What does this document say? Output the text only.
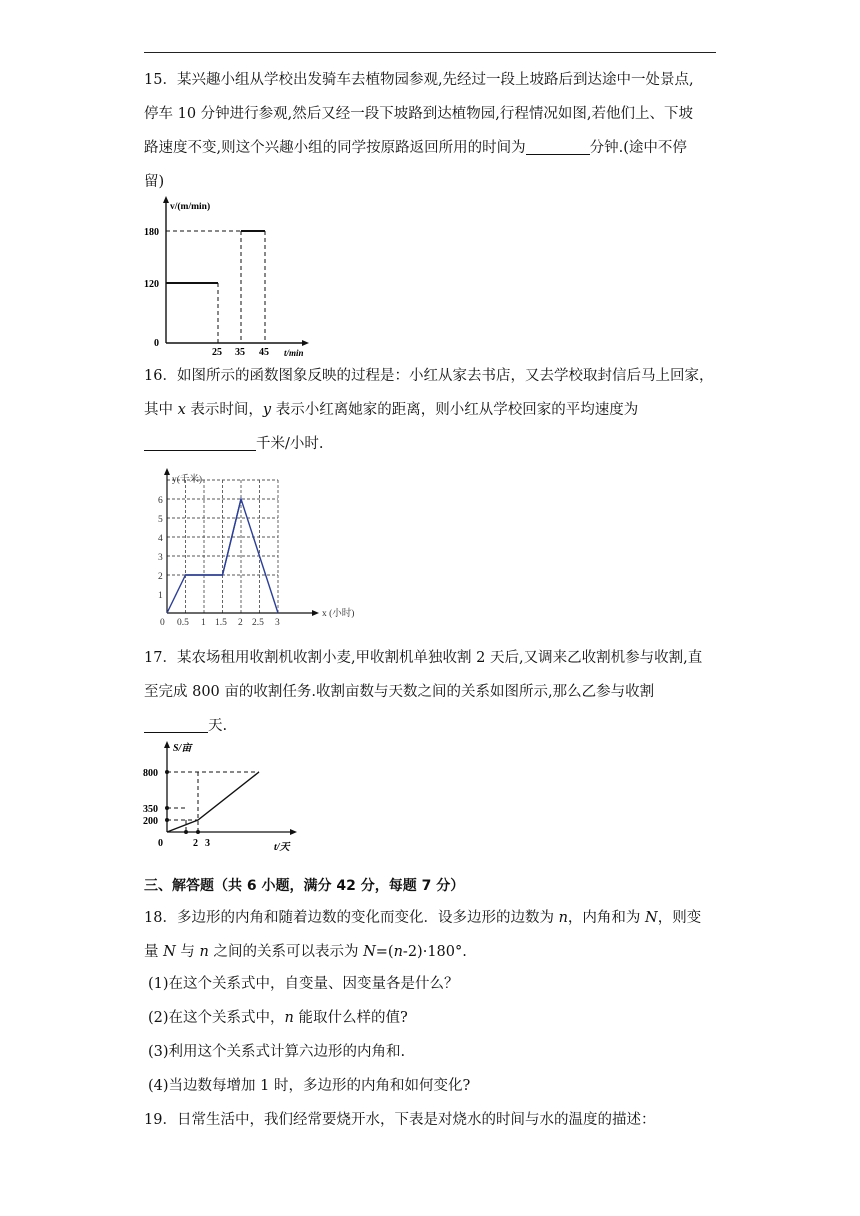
15．某兴趣小组从学校出发骑车去植物园参观,先经过一段上坡路后到达途中一处景点,

停车 10 分钟进行参观,然后又经一段下坡路到达植物园,行程情况如图,若他们上、下坡

路速度不变,则这个兴趣小组的同学按原路返回所用的时间为	分钟.(途中不停

留)

v/(m/min)
180
120
0
25 35 45 t/min

16．如图所示的函数图象反映的过程是：小红从家去书店，又去学校取封信后马上回家，

其中 x 表示时间，y 表示小红离她家的距离，则小红从学校回家的平均速度为

千米/小时.

y(千米)
6
5
4
3
2
1
0 0.5 1 1.5 2 2.5 3
x (小时)

17．某农场租用收割机收割小麦,甲收割机单独收割 2 天后,又调来乙收割机参与收割,直

至完成 800 亩的收割任务.收割亩数与天数之间的关系如图所示,那么乙参与收割

天.

S/亩
800
350
200
0	2 3	t/天

三、解答题（共 6 小题，满分 42 分，每题 7 分）

18．多边形的内角和随着边数的变化而变化．设多边形的边数为 n，内角和为 N，则变

量 N 与 n 之间的关系可以表示为 N=(n-2)·180°.

(1)在这个关系式中，自变量、因变量各是什么？

(2)在这个关系式中，n 能取什么样的值?

(3)利用这个关系式计算六边形的内角和.

(4)当边数每增加 1 时，多边形的内角和如何变化?

19．日常生活中，我们经常要烧开水，下表是对烧水的时间与水的温度的描述：
